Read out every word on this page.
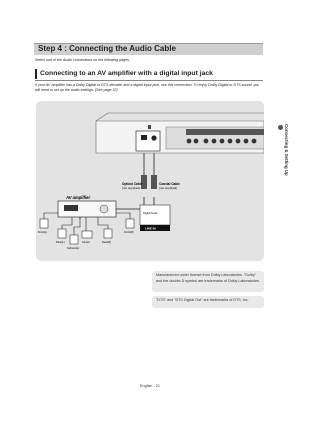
Step 4 : Connecting the Audio Cable
Select one of the Audio connections on the following pages.
Connecting to an AV amplifier with a digital input jack
If your AV amplifier has a Dolby Digital or DTS decoder and a digital input jack, use this connection. To enjoy Dolby Digital or DTS sound, you will need to set up the audio settings. (See page 32)
Connecting & Setting Up
Optical Cable
(not supplied)
Coaxial Cable
(not supplied)
Digital Audio
LINE IN
AV amplifier
Front(L)	Front(R)
Rear(L)	Rear(R)
Subwoofer
Center
Manufactured under license from Dolby Laboratories. "Dolby" and the double-D symbol are trademarks of Dolby Laboratories.
"DTS" and "DTS Digital Out" are trademarks of DTS, Inc.
English - 21
